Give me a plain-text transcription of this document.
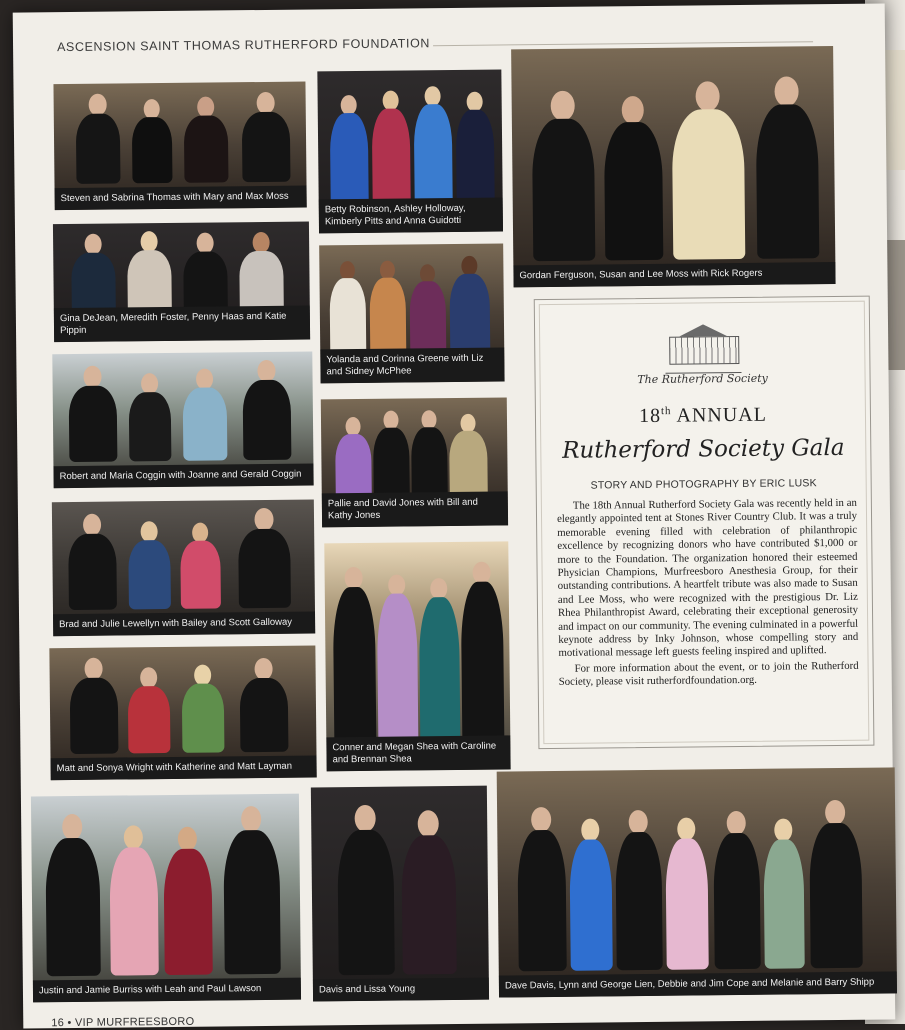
ASCENSION SAINT THOMAS RUTHERFORD FOUNDATION
Steven and Sabrina Thomas with Mary and Max Moss
Betty Robinson, Ashley Holloway, Kimberly Pitts and Anna Guidotti
Gordan Ferguson, Susan and Lee Moss with Rick Rogers
Gina DeJean, Meredith Foster, Penny Haas and Katie Pippin
Yolanda and Corinna Greene with Liz and Sidney McPhee
Robert and Maria Coggin with Joanne and Gerald Coggin
Pallie and David Jones with Bill and Kathy Jones
Brad and Julie Lewellyn with Bailey and Scott Galloway
Conner and Megan Shea with Caroline and Brennan Shea
Matt and Sonya Wright with Katherine and Matt Layman
Justin and Jamie Burriss with Leah and Paul Lawson	Davis and Lissa Young	Dave Davis, Lynn and George Lien, Debbie and Jim Cope and Melanie and Barry Shipp
The Rutherford Society
18th ANNUAL
Rutherford Society Gala
STORY AND PHOTOGRAPHY BY ERIC LUSK

The 18th Annual Rutherford Society Gala was recently held in an elegantly appointed tent at Stones River Country Club. It was a truly memorable evening filled with celebration of philanthropic excellence by recognizing donors who have contributed $1,000 or more to the Foundation. The organization honored their esteemed Physician Champions, Murfreesboro Anesthesia Group, for their outstanding contributions. A heartfelt tribute was also made to Susan and Lee Moss, who were recognized with the prestigious Dr. Liz Rhea Philanthropist Award, celebrating their exceptional generosity and impact on our community. The evening culminated in a powerful keynote address by Inky Johnson, whose compelling story and motivational message left guests feeling inspired and uplifted.

For more information about the event, or to join the Rutherford Society, please visit rutherfordfoundation.org.

16 • VIP MURFREESBORO
